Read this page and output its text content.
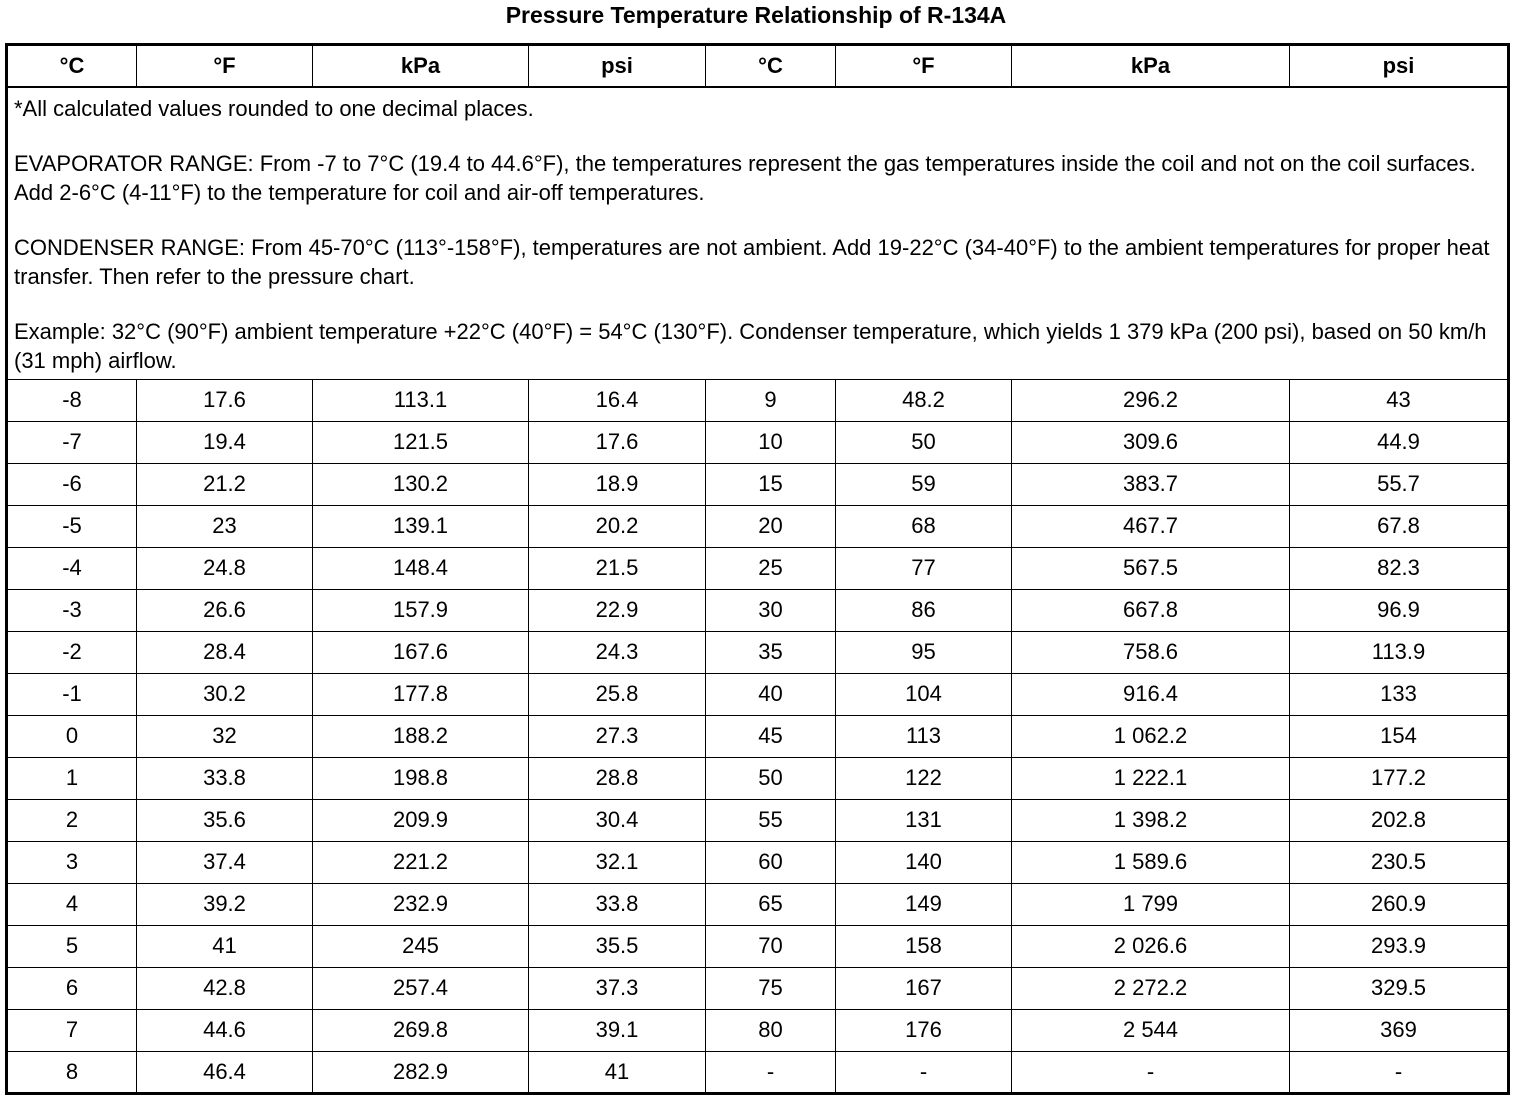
Pressure Temperature Relationship of R-134A
°C	°F	kPa	psi	°C	°F	kPa	psi

*All calculated values rounded to one decimal places.

EVAPORATOR RANGE: From -7 to 7°C (19.4 to 44.6°F), the temperatures represent the gas temperatures inside the coil and not on the coil surfaces. Add 2-6°C (4-11°F) to the temperature for coil and air-off temperatures.

CONDENSER RANGE: From 45-70°C (113°-158°F), temperatures are not ambient. Add 19-22°C (34-40°F) to the ambient temperatures for proper heat transfer. Then refer to the pressure chart.

Example: 32°C (90°F) ambient temperature +22°C (40°F) = 54°C (130°F). Condenser temperature, which yields 1 379 kPa (200 psi), based on 50 km/h (31 mph) airflow.							

-8	17.6	113.1	16.4	9	48.2	296.2	43
-7	19.4	121.5	17.6	10	50	309.6	44.9
-6	21.2	130.2	18.9	15	59	383.7	55.7
-5	23	139.1	20.2	20	68	467.7	67.8
-4	24.8	148.4	21.5	25	77	567.5	82.3
-3	26.6	157.9	22.9	30	86	667.8	96.9
-2	28.4	167.6	24.3	35	95	758.6	113.9
-1	30.2	177.8	25.8	40	104	916.4	133
0	32	188.2	27.3	45	113	1 062.2	154
1	33.8	198.8	28.8	50	122	1 222.1	177.2
2	35.6	209.9	30.4	55	131	1 398.2	202.8
3	37.4	221.2	32.1	60	140	1 589.6	230.5
4	39.2	232.9	33.8	65	149	1 799	260.9
5	41	245	35.5	70	158	2 026.6	293.9
6	42.8	257.4	37.3	75	167	2 272.2	329.5
7	44.6	269.8	39.1	80	176	2 544	369
8	46.4	282.9	41	-	-	-	-
